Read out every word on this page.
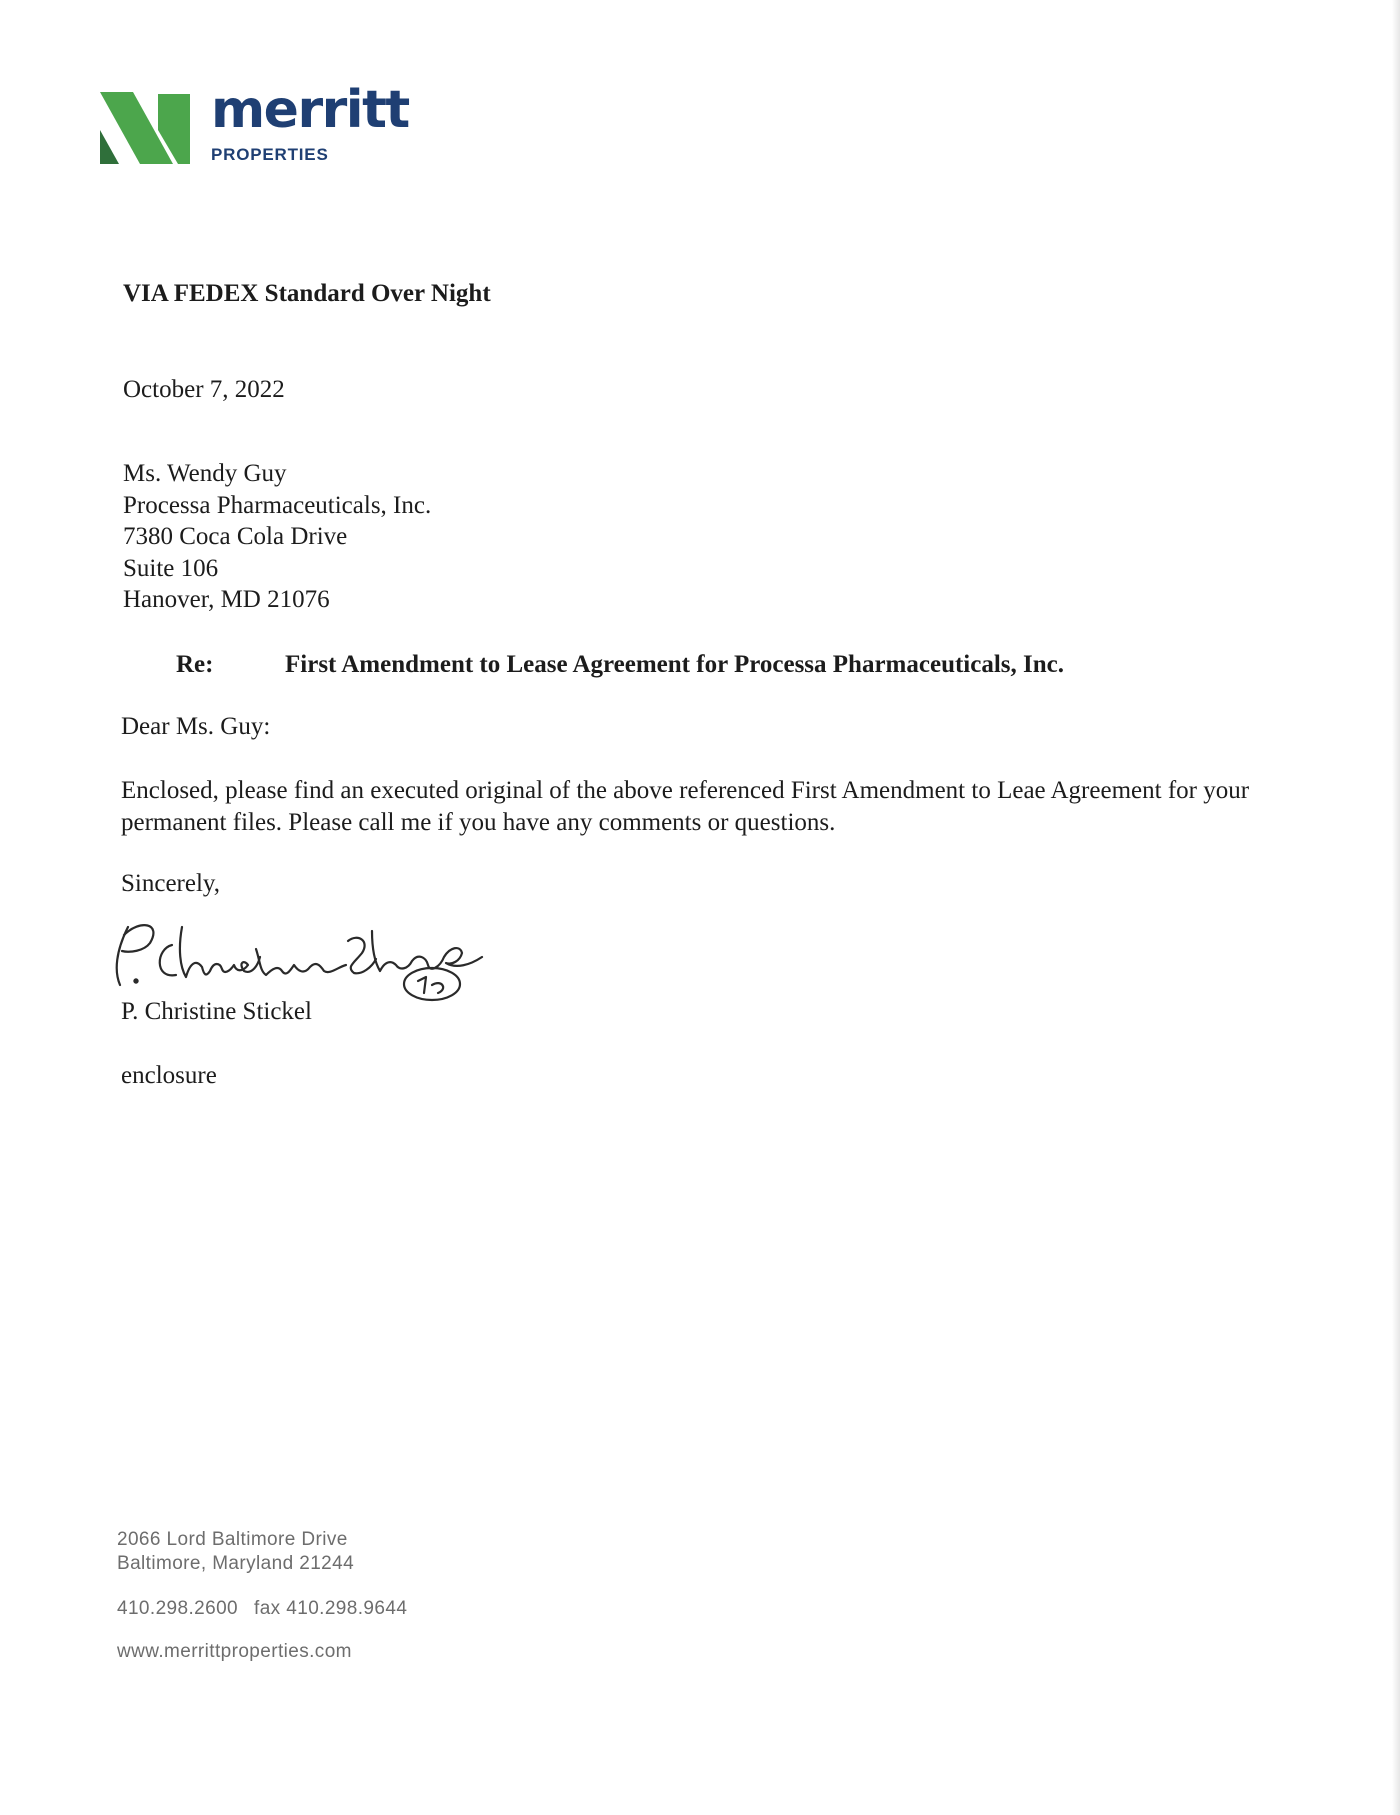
merritt
PROPERTIES
VIA FEDEX Standard Over Night
October 7, 2022
Ms. Wendy Guy
Processa Pharmaceuticals, Inc.
7380 Coca Cola Drive
Suite 106
Hanover, MD 21076
Re:	First Amendment to Lease Agreement for Processa Pharmaceuticals, Inc.
Dear Ms. Guy:
Enclosed, please find an executed original of the above referenced First Amendment to Leae Agreement for your permanent files. Please call me if you have any comments or questions.
Sincerely,
P. Christine Stickel
enclosure
2066 Lord Baltimore Drive
Baltimore, Maryland 21244
410.298.2600 fax 410.298.9644
www.merrittproperties.com
